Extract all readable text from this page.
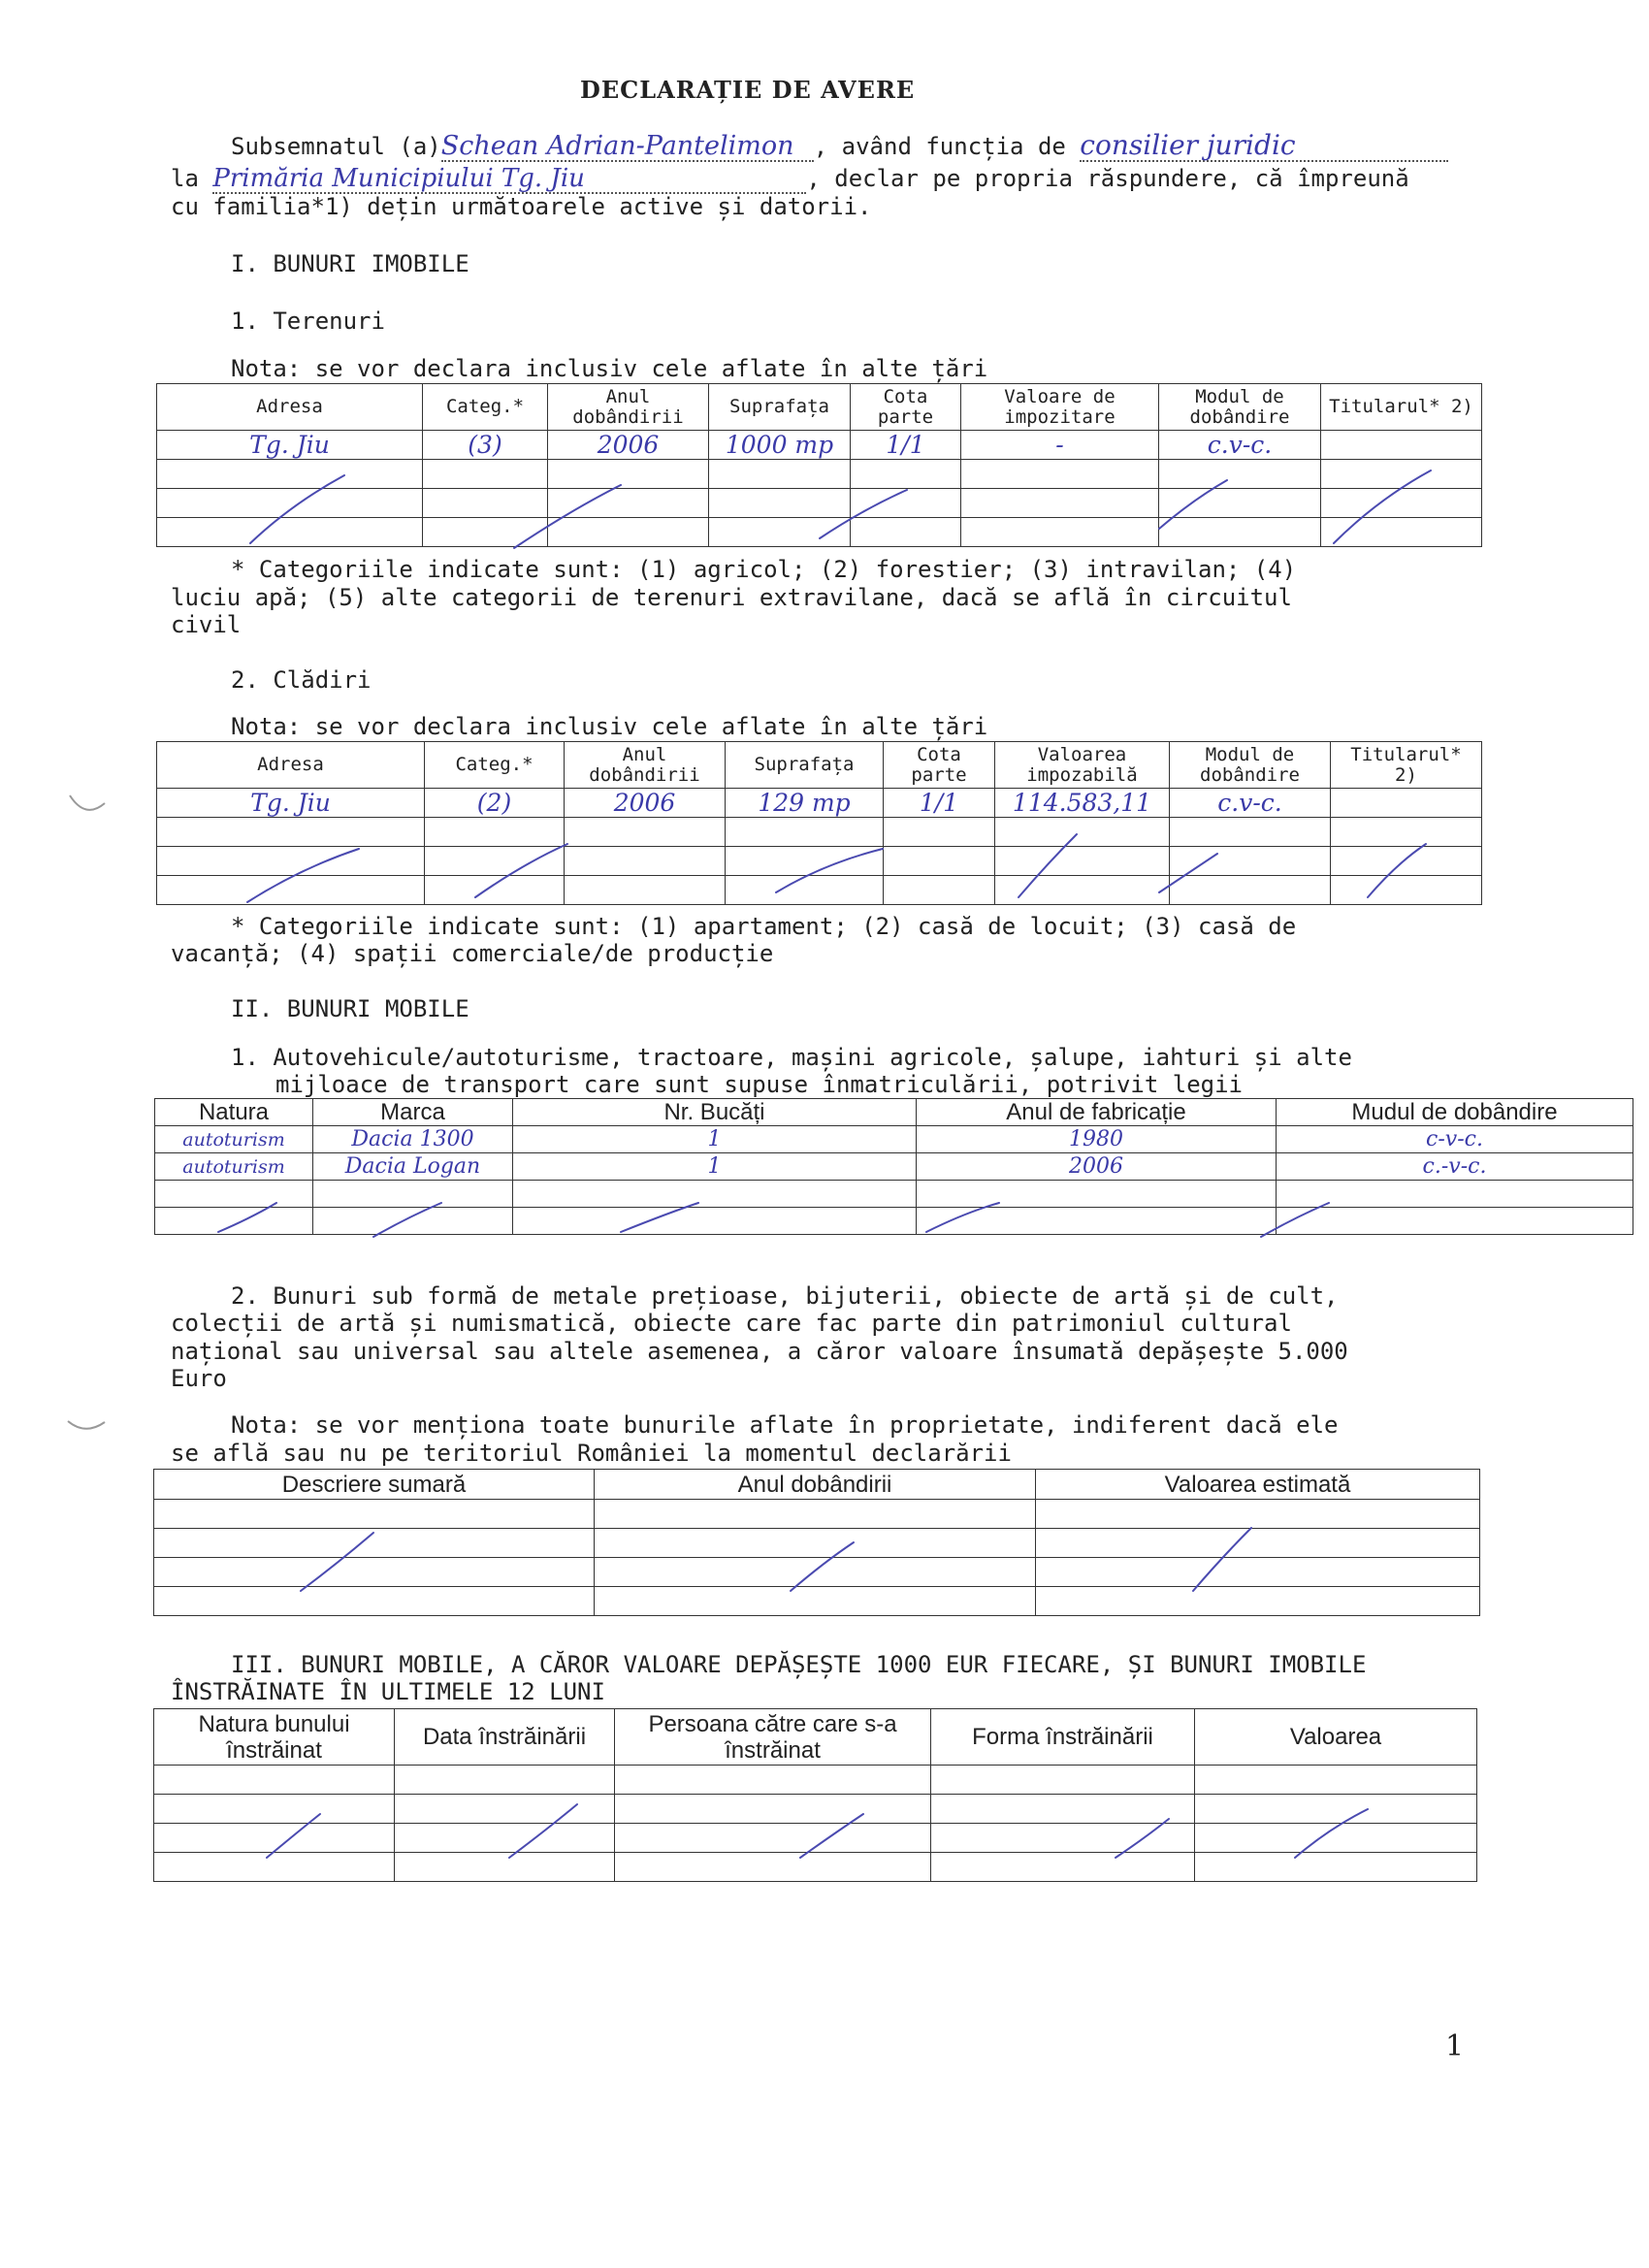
DECLARAȚIE DE AVERE
Subsemnatul (a)Schean Adrian-Pantelimon , având funcția de consilier juridic
la Primăria Municipiului Tg. Jiu	, declar pe propria răspundere, că împreună
cu familia*1) dețin următoarele active și datorii.
I. BUNURI IMOBILE
1. Terenuri
Nota: se vor declara inclusiv cele aflate în alte țări
Adresa	Categ.*	Anul dobândirii	Suprafața	Cota parte	Valoare de impozitare	Modul de dobândire	Titularul* 2)
Tg. Jiu	(3)	2006	1000 mp	1/1	-	c.v-c.	

* Categoriile indicate sunt: (1) agricol; (2) forestier; (3) intravilan; (4)
luciu apă; (5) alte categorii de terenuri extravilane, dacă se află în circuitul
civil
2. Clădiri
Nota: se vor declara inclusiv cele aflate în alte țări
Adresa	Categ.*	Anul dobândirii	Suprafața	Cota parte	Valoarea impozabilă	Modul de dobândire	Titularul* 2)
Tg. Jiu	(2)	2006	129 mp	1/1	114.583,11	c.v-c.	

* Categoriile indicate sunt: (1) apartament; (2) casă de locuit; (3) casă de
vacanță; (4) spații comerciale/de producție
II. BUNURI MOBILE
1. Autovehicule/autoturisme, tractoare, mașini agricole, șalupe, iahturi și alte
mijloace de transport care sunt supuse înmatriculării, potrivit legii
Natura	Marca	Nr. Bucăți	Anul de fabricație	Mudul de dobândire
autoturism	Dacia 1300	1	1980	c-v-c.
autoturism	Dacia Logan	1	2006	c.-v-c.

2. Bunuri sub formă de metale prețioase, bijuterii, obiecte de artă și de cult,
colecții de artă și numismatică, obiecte care fac parte din patrimoniul cultural
național sau universal sau altele asemenea, a căror valoare însumată depășește 5.000
Euro
Nota: se vor menționa toate bunurile aflate în proprietate, indiferent dacă ele
se află sau nu pe teritoriul României la momentul declarării
Descriere sumară	Anul dobândirii	Valoarea estimată

III. BUNURI MOBILE, A CĂROR VALOARE DEPĂȘEȘTE 1000 EUR FIECARE, ȘI BUNURI IMOBILE
ÎNSTRĂINATE ÎN ULTIMELE 12 LUNI
Natura bunului înstrăinat	Data înstrăinării	Persoana către care s-a înstrăinat	Forma înstrăinării	Valoarea

1
